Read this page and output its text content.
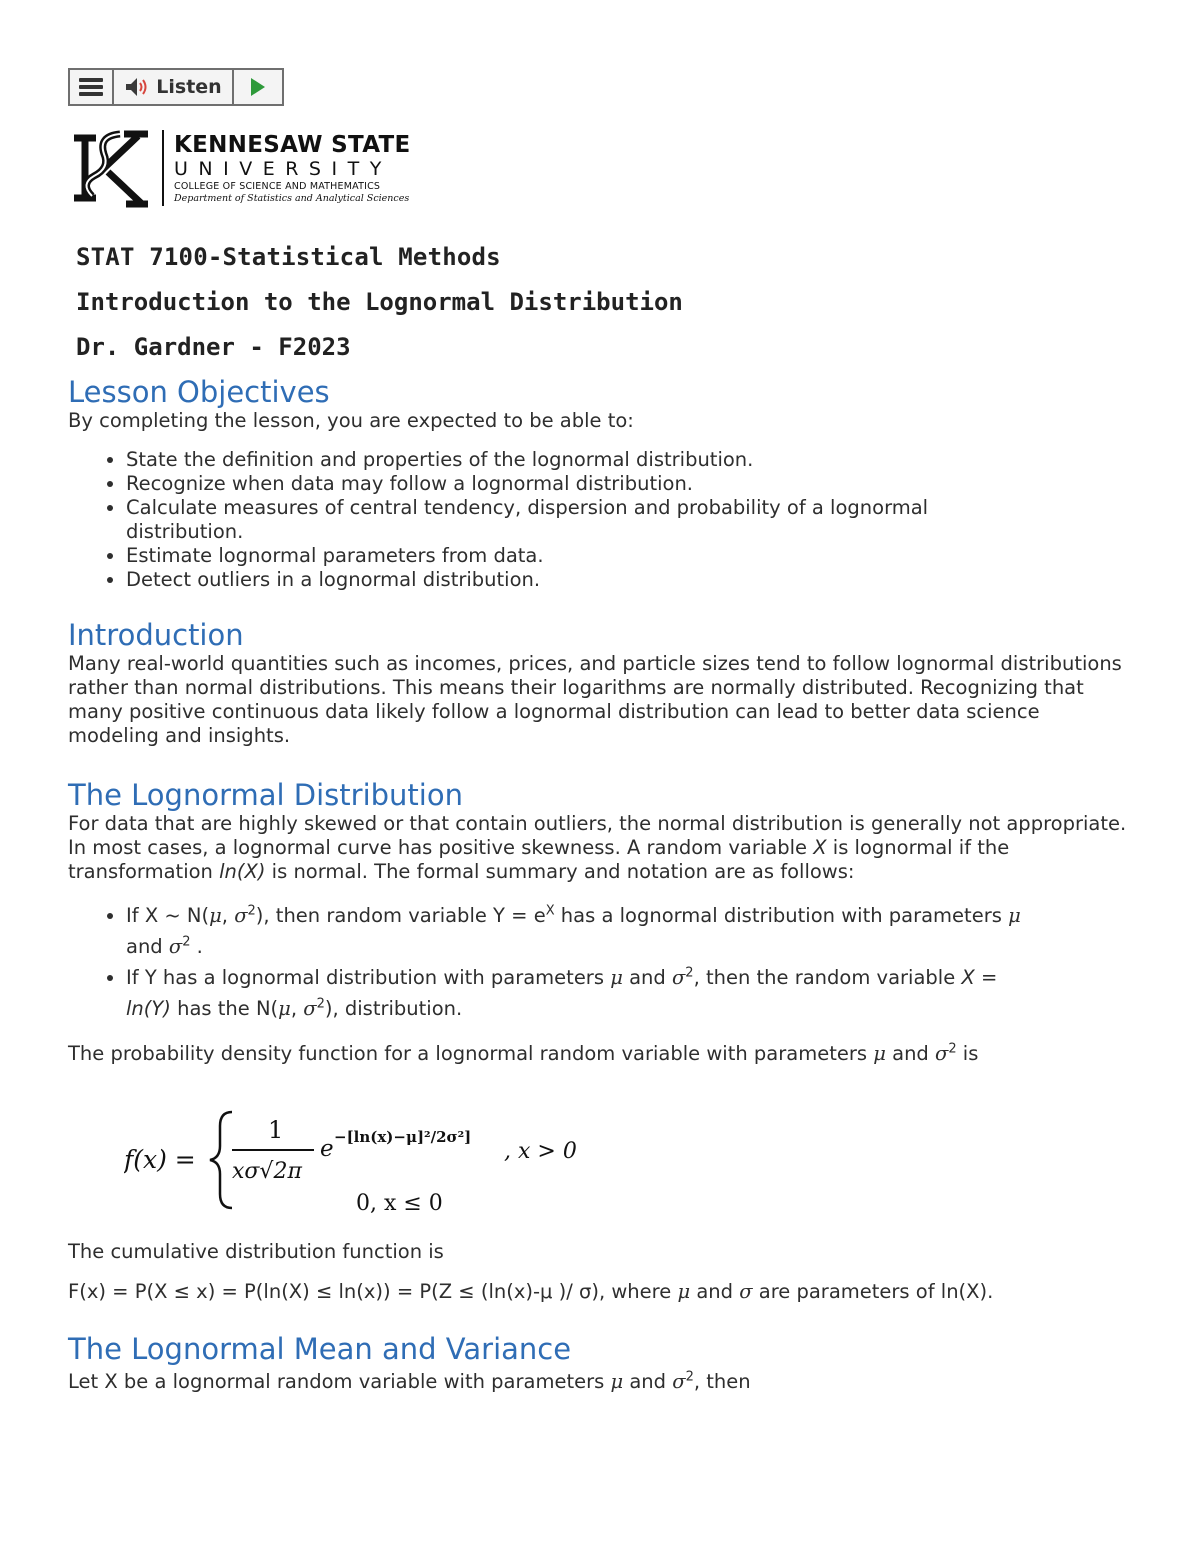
Listen
KENNESAW STATE
UNIVERSITY
COLLEGE OF SCIENCE AND MATHEMATICS
Department of Statistics and Analytical Sciences
STAT 7100-Statistical Methods
Introduction to the Lognormal Distribution
Dr. Gardner - F2023
Lesson Objectives

By completing the lesson, you are expected to be able to:

• State the definition and properties of the lognormal distribution.
• Recognize when data may follow a lognormal distribution.
• Calculate measures of central tendency, dispersion and probability of a lognormal distribution.
• Estimate lognormal parameters from data.
• Detect outliers in a lognormal distribution.
Introduction

Many real-world quantities such as incomes, prices, and particle sizes tend to follow lognormal distributions rather than normal distributions. This means their logarithms are normally distributed. Recognizing that many positive continuous data likely follow a lognormal distribution can lead to better data science modeling and insights.

The Lognormal Distribution

For data that are highly skewed or that contain outliers, the normal distribution is generally not appropriate. In most cases, a lognormal curve has positive skewness. A random variable X is lognormal if the transformation ln(X) is normal. The formal summary and notation are as follows:

• If X ~ N(μ, $\sigma^2$), then random variable $Y = e^X$ has a lognormal distribution with parameters μ
and $\sigma^2$ .
• If Y has a lognormal distribution with parameters μ and $\sigma^2$, then the random variable X =
ln(Y) has the N(μ, $\sigma^2$), distribution.

The probability density function for a lognormal random variable with parameters μ and $\sigma^2$ is

f(x) =
1
xσ√2π
e −[ln(x)−μ]²/2σ²]
, x > 0
0, x ≤ 0

The cumulative distribution function is

F(x) = P(X ≤ x) = P(ln(X) ≤ ln(x)) = P(Z ≤ (ln(x)-μ )/ σ), where μ and σ are parameters of ln(X).

The Lognormal Mean and Variance

Let X be a lognormal random variable with parameters μ and $\sigma^2$, then
